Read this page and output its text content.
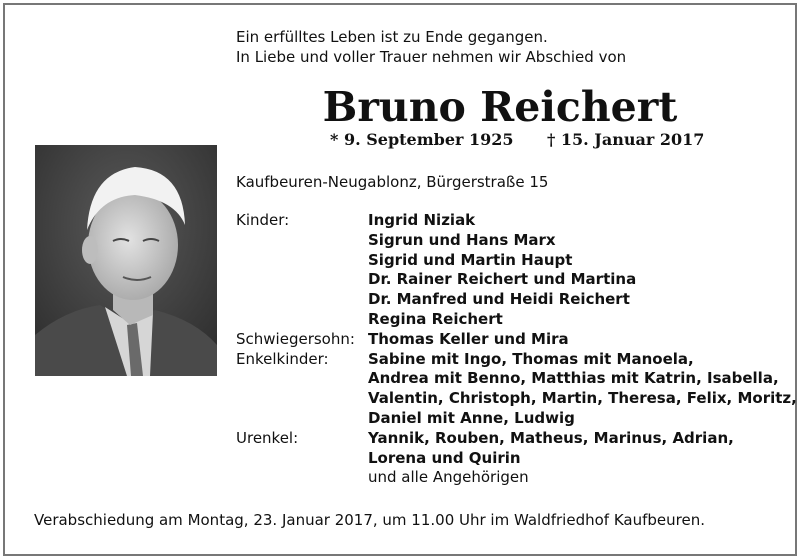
Ein erfülltes Leben ist zu Ende gegangen.
In Liebe und voller Trauer nehmen wir Abschied von
Bruno Reichert
* 9. September 1925 † 15. Januar 2017
Kaufbeuren-Neugablonz, Bürgerstraße 15
Kinder:	Ingrid Niziak
Sigrun und Hans Marx
Sigrid und Martin Haupt
Dr. Rainer Reichert und Martina
Dr. Manfred und Heidi Reichert
Regina Reichert
Schwiegersohn: Thomas Keller und Mira
Enkelkinder:	Sabine mit Ingo, Thomas mit Manoela,
Andrea mit Benno, Matthias mit Katrin, Isabella,
Valentin, Christoph, Martin, Theresa, Felix, Moritz,
Daniel mit Anne, Ludwig
Urenkel:	Yannik, Rouben, Matheus, Marinus, Adrian,
Lorena und Quirin
und alle Angehörigen
Verabschiedung am Montag, 23. Januar 2017, um 11.00 Uhr im Waldfriedhof Kaufbeuren.
